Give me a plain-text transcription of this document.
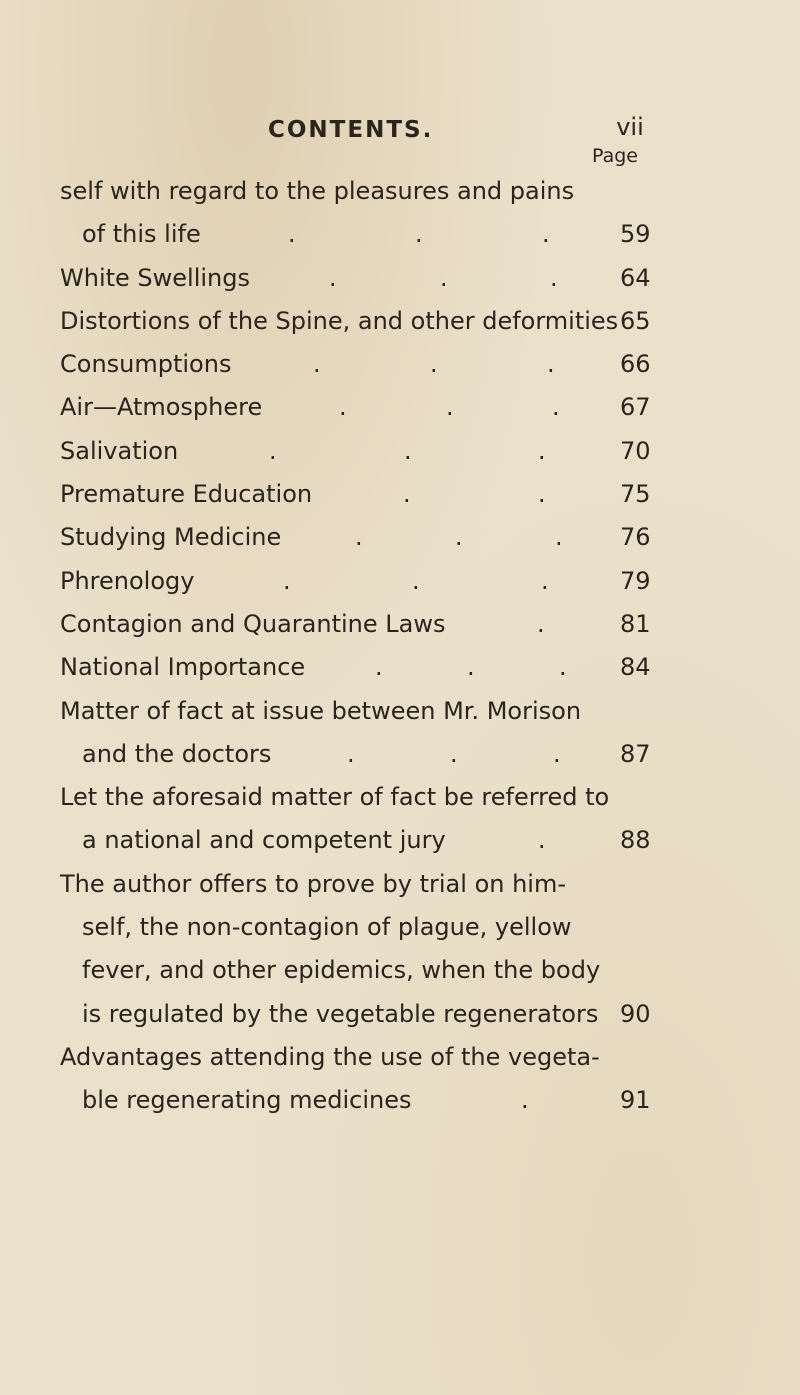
CONTENTS.	vii
Page
self with regard to the pleasures and pains
of this life	59
.	.	.
White Swellings	64
.	.	.
Distortions of the Spine, and other deformities 65
Consumptions	66
.	.	.
Air—Atmosphere	67
.	.	.
Salivation	70
.	.	.
Premature Education	75
.	.
Studying Medicine	76
.	.	.
Phrenology	79
.	.	.
Contagion and Quarantine Laws	81
.
National Importance	84
.	.	.
Matter of fact at issue between Mr. Morison
and the doctors	87
.	.	.
Let the aforesaid matter of fact be referred to
a national and competent jury	88
.
The author offers to prove by trial on him-
self, the non-contagion of plague, yellow
fever, and other epidemics, when the body
is regulated by the vegetable regenerators 90
Advantages attending the use of the vegeta-
ble regenerating medicines	91
.
